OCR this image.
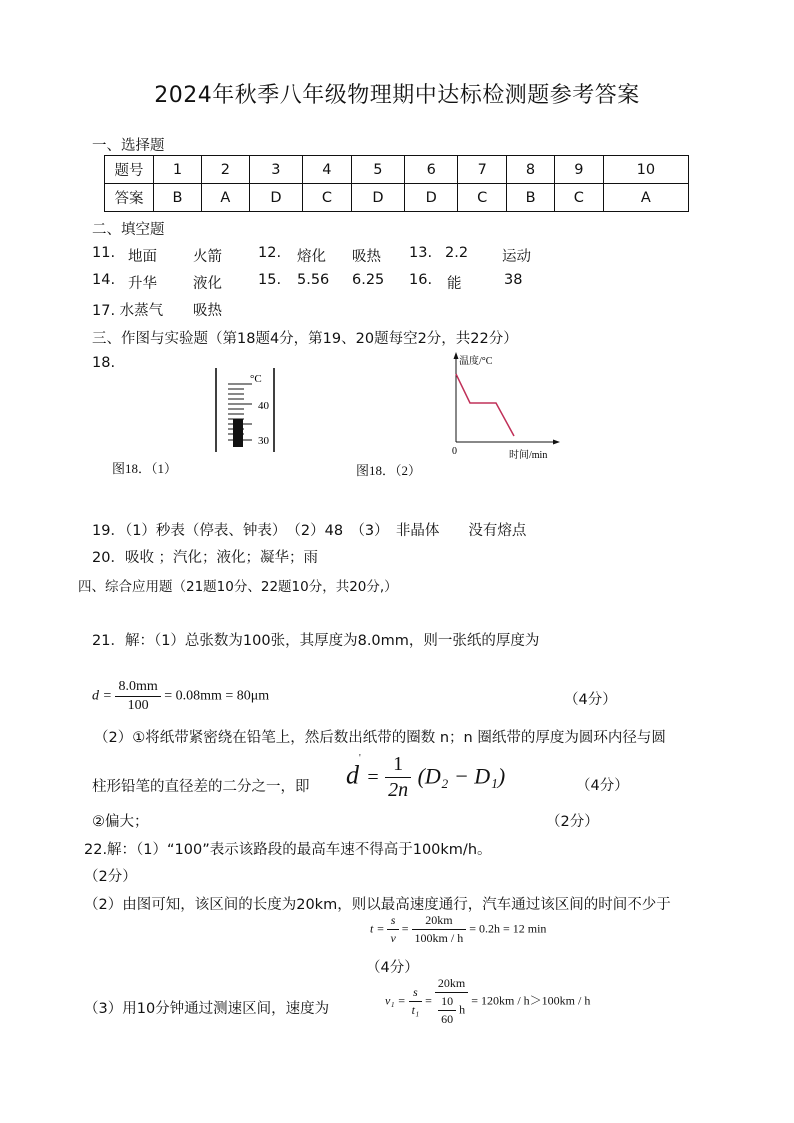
2024年秋季八年级物理期中达标检测题参考答案
一、选择题
题号	1	2	3	4	5	6	7	8	9	10
答案	B	A	D	C	D	D	C	B	C	A
二、填空题
11. 地面 火箭 12. 熔化 吸热 13. 2.2 运动
14. 升华 液化 15. 5.56 6.25 16. 能	38
17. 水蒸气 吸热
三、作图与实验题（第18题4分，第19、20题每空2分，共22分）
18.
°C
40
30
图18．（1）
温度/°C
0	时间/min
图18．（2）
19．（1）秒表（停表、钟表）　（2）48　（3）　非晶体　　没有熔点
20．吸收 ；汽化；液化；凝华；雨
四、综合应用题（21题10分、22题10分，共20分,）
21．解：（1）总张数为100张，其厚度为8.0mm，则一张纸的厚度为
$d = \frac{8.0mm}{100} = 0.08mm = 80\mu m$	（4分）
（2）①将纸带紧密绕在铅笔上，然后数出纸带的圈数 n；n 圈纸带的厚度为圆环内径与圆
柱形铅笔的直径差的二分之一，即 $d' = \frac{1}{2n} (D_2 - D_1)$	（4分）
②偏大；	（2分）
22.解：（1）“100”表示该路段的最高车速不得高于100km/h。
（2分）
（2）由图可知，该区间的长度为20km，则以最高速度通行，汽车通过该区间的时间不少于
$t = \frac{s}{v} = \frac{20km}{100km / h} = 0.2h = 12$ min
（4分）
（3）用10分钟通过测速区间，速度为
$v_1 = \frac{s}{\text{t₁}} = \frac{20km}{\frac{10}{60} h} = 120km / h>100km / h$
